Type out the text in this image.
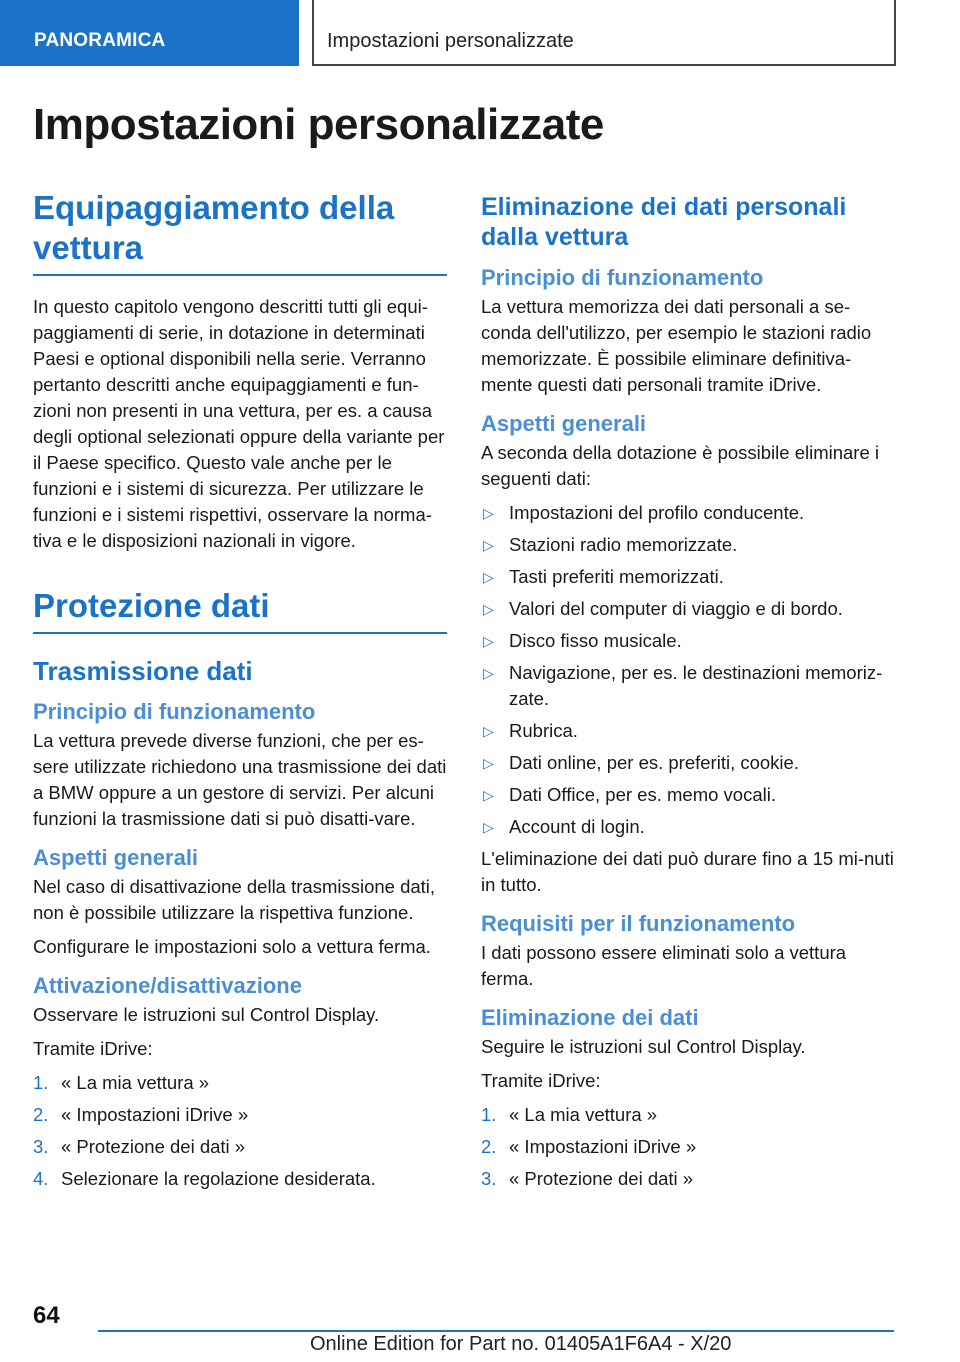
PANORAMICA	Impostazioni personalizzate
Impostazioni personalizzate
Equipaggiamento della vettura

In questo capitolo vengono descritti tutti gli equi-paggiamenti di serie, in dotazione in determinati Paesi e optional disponibili nella serie. Verranno pertanto descritti anche equipaggiamenti e fun-zioni non presenti in una vettura, per es. a causa degli optional selezionati oppure della variante per il Paese specifico. Questo vale anche per le funzioni e i sistemi di sicurezza. Per utilizzare le funzioni e i sistemi rispettivi, osservare la norma-tiva e le disposizioni nazionali in vigore.

Protezione dati
Trasmissione dati
Principio di funzionamento

La vettura prevede diverse funzioni, che per es-sere utilizzate richiedono una trasmissione dei dati a BMW oppure a un gestore di servizi. Per alcuni funzioni la trasmissione dati si può disatti-vare.

Aspetti generali

Nel caso di disattivazione della trasmissione dati, non è possibile utilizzare la rispettiva funzione.

Configurare le impostazioni solo a vettura ferma.

Attivazione/disattivazione

Osservare le istruzioni sul Control Display.

Tramite iDrive:

1. « La mia vettura »
2. « Impostazioni iDrive »
3. « Protezione dei dati »
4. Selezionare la regolazione desiderata.
Eliminazione dei dati personali dalla vettura
Principio di funzionamento

La vettura memorizza dei dati personali a se-conda dell'utilizzo, per esempio le stazioni radio memorizzate. È possibile eliminare definitiva-mente questi dati personali tramite iDrive.

Aspetti generali

A seconda della dotazione è possibile eliminare i seguenti dati:

▷ Impostazioni del profilo conducente.
▷ Stazioni radio memorizzate.
▷ Tasti preferiti memorizzati.
▷ Valori del computer di viaggio e di bordo.
▷ Disco fisso musicale.
▷ Navigazione, per es. le destinazioni memoriz-zate.
▷ Rubrica.
▷ Dati online, per es. preferiti, cookie.
▷ Dati Office, per es. memo vocali.
▷ Account di login.

L'eliminazione dei dati può durare fino a 15 mi-nuti in tutto.

Requisiti per il funzionamento

I dati possono essere eliminati solo a vettura ferma.

Eliminazione dei dati

Seguire le istruzioni sul Control Display.

Tramite iDrive:

1. « La mia vettura »
2. « Impostazioni iDrive »
3. « Protezione dei dati »
64
Online Edition for Part no. 01405A1F6A4 - X/20
